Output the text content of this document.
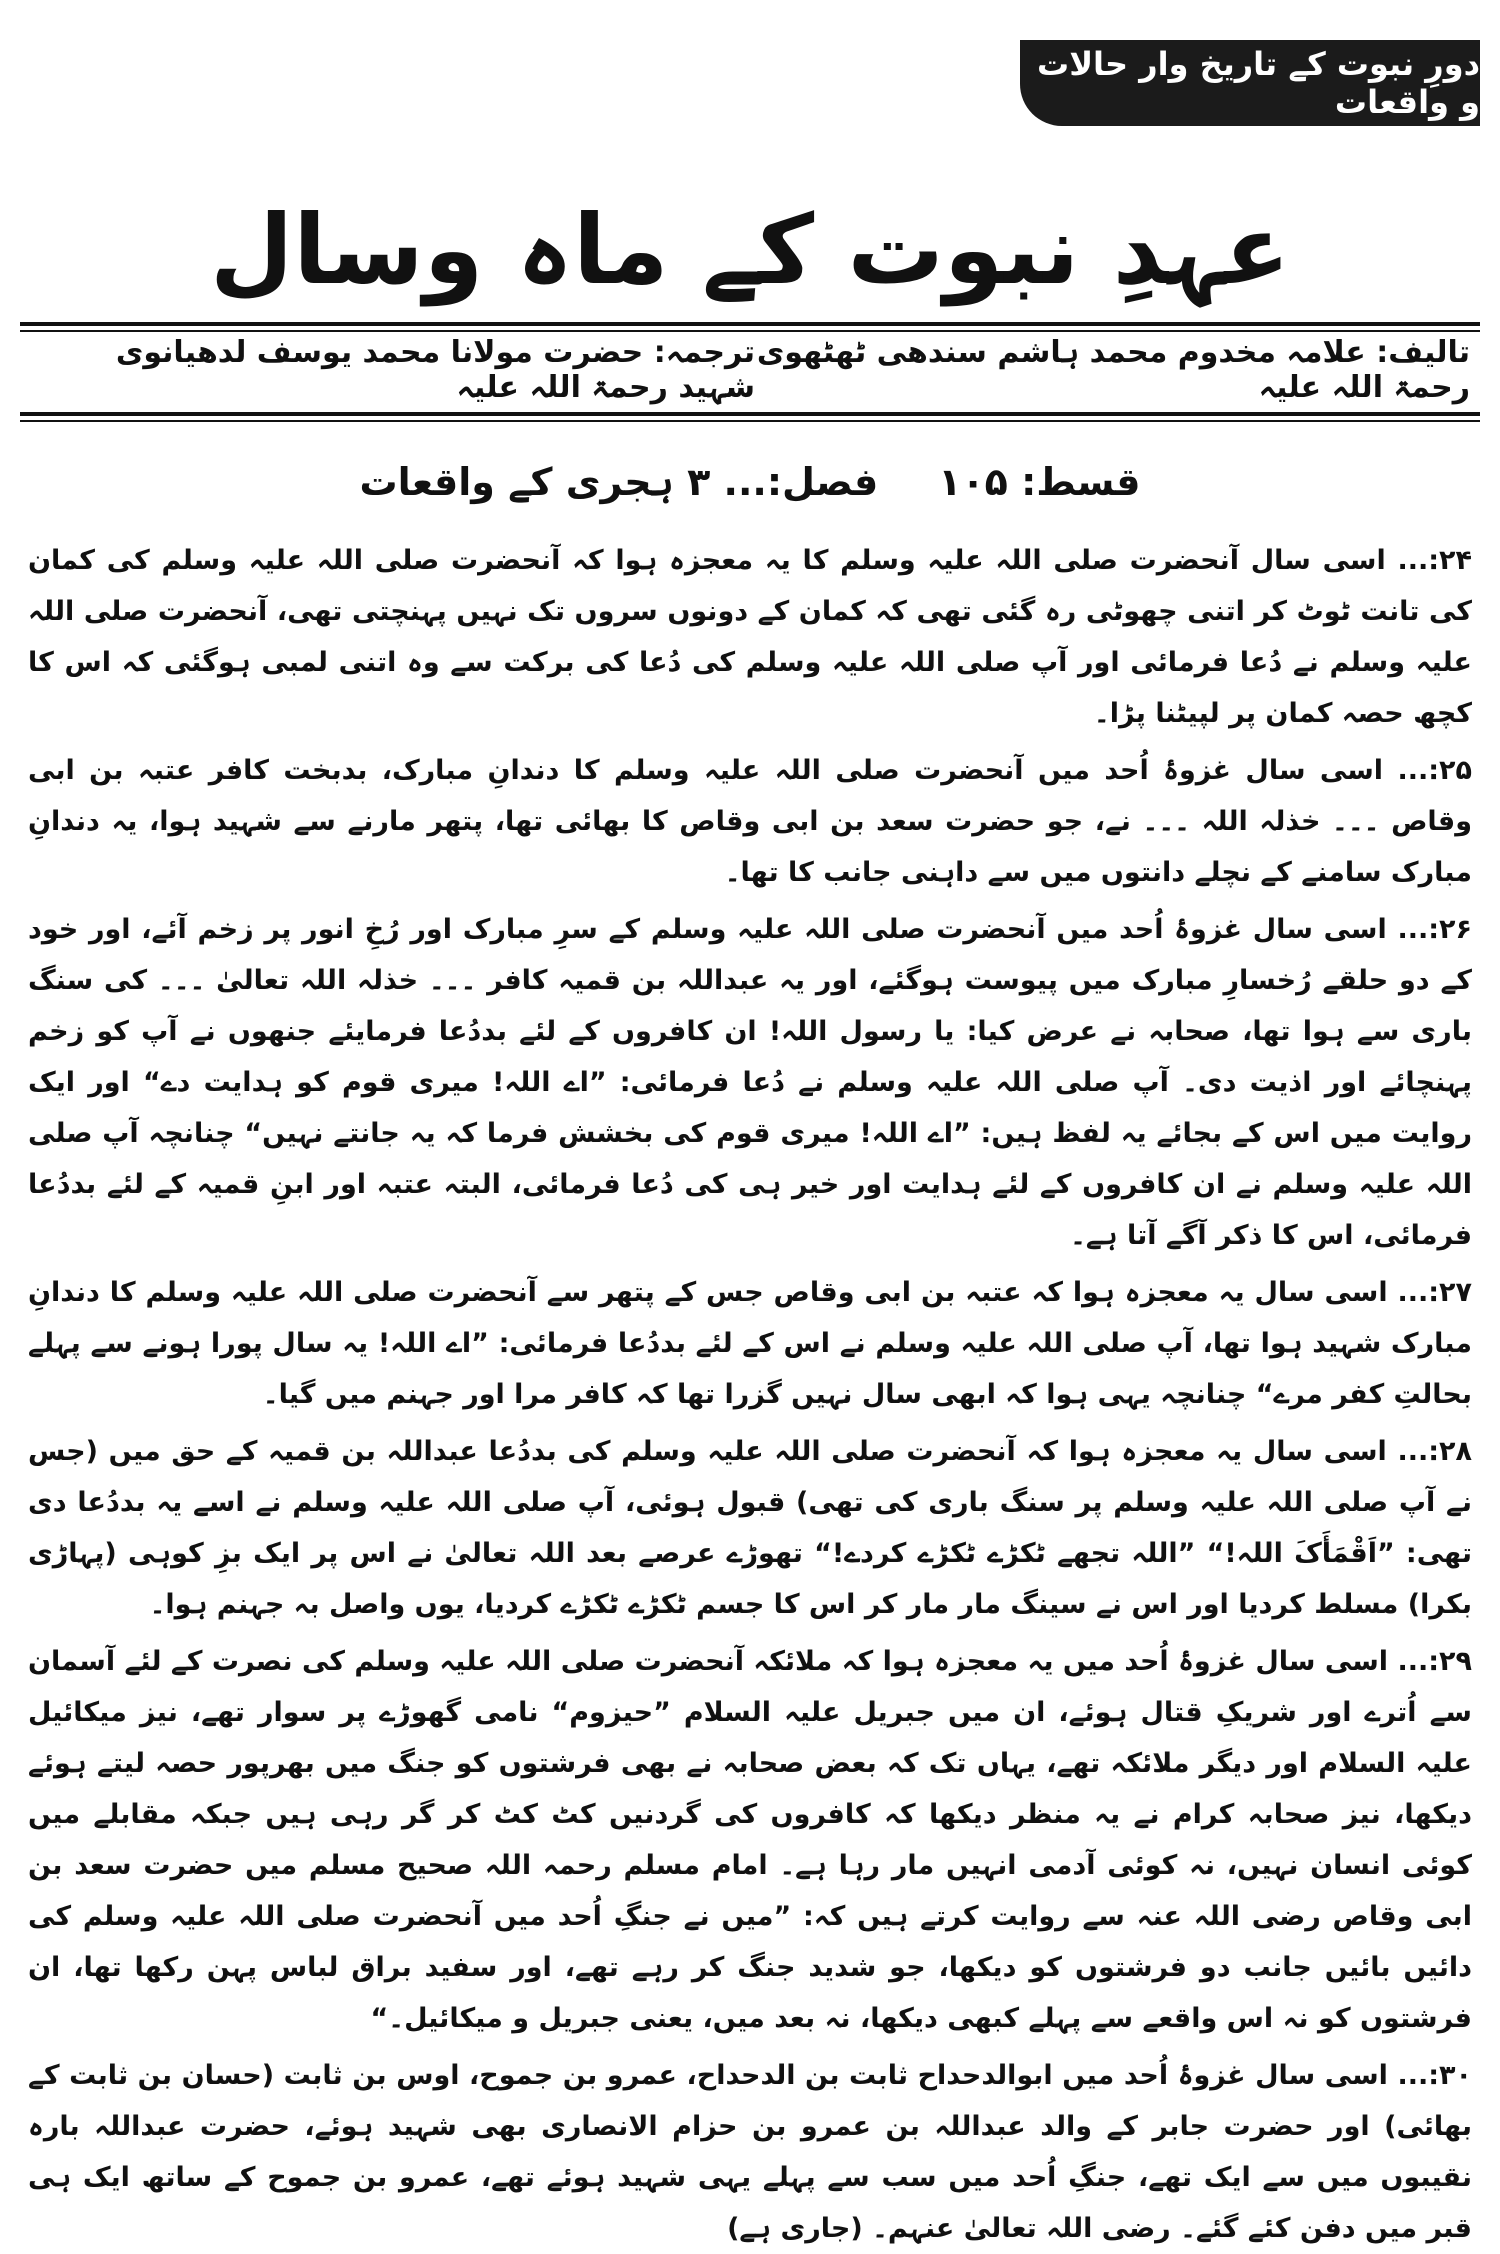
دورِ نبوت کے تاریخ وار حالات و واقعات
عہدِ نبوت کے ماہ وسال
تالیف: علامہ مخدوم محمد ہاشم سندھی ٹھٹھوی رحمۃ اللہ علیہ
ترجمہ: حضرت مولانا محمد یوسف لدھیانوی شہید رحمۃ اللہ علیہ
قسط: ۱۰۵
فصل:... ۳ ہجری کے واقعات

۲۴:... اسی سال آنحضرت صلی اللہ علیہ وسلم کا یہ معجزہ ہوا کہ آنحضرت صلی اللہ علیہ وسلم کی کمان کی تانت ٹوٹ کر اتنی چھوٹی رہ گئی تھی کہ کمان کے دونوں سروں تک نہیں پہنچتی تھی، آنحضرت صلی اللہ علیہ وسلم نے دُعا فرمائی اور آپ صلی اللہ علیہ وسلم کی دُعا کی برکت سے وہ اتنی لمبی ہوگئی کہ اس کا کچھ حصہ کمان پر لپیٹنا پڑا۔

۲۵:... اسی سال غزوۂ اُحد میں آنحضرت صلی اللہ علیہ وسلم کا دندانِ مبارک، بدبخت کافر عتبہ بن ابی وقاص ۔۔۔ خذلہ اللہ ۔۔۔ نے، جو حضرت سعد بن ابی وقاص کا بھائی تھا، پتھر مارنے سے شہید ہوا، یہ دندانِ مبارک سامنے کے نچلے دانتوں میں سے داہنی جانب کا تھا۔

۲۶:... اسی سال غزوۂ اُحد میں آنحضرت صلی اللہ علیہ وسلم کے سرِ مبارک اور رُخِ انور پر زخم آئے، اور خود کے دو حلقے رُخسارِ مبارک میں پیوست ہوگئے، اور یہ عبداللہ بن قمیہ کافر ۔۔۔ خذلہ اللہ تعالیٰ ۔۔۔ کی سنگ باری سے ہوا تھا، صحابہ نے عرض کیا: یا رسول اللہ! ان کافروں کے لئے بددُعا فرمایئے جنھوں نے آپ کو زخم پہنچائے اور اذیت دی۔ آپ صلی اللہ علیہ وسلم نے دُعا فرمائی: ”اے اللہ! میری قوم کو ہدایت دے“ اور ایک روایت میں اس کے بجائے یہ لفظ ہیں: ”اے اللہ! میری قوم کی بخشش فرما کہ یہ جانتے نہیں“ چنانچہ آپ صلی اللہ علیہ وسلم نے ان کافروں کے لئے ہدایت اور خیر ہی کی دُعا فرمائی، البتہ عتبہ اور ابنِ قمیہ کے لئے بددُعا فرمائی، اس کا ذکر آگے آتا ہے۔

۲۷:... اسی سال یہ معجزہ ہوا کہ عتبہ بن ابی وقاص جس کے پتھر سے آنحضرت صلی اللہ علیہ وسلم کا دندانِ مبارک شہید ہوا تھا، آپ صلی اللہ علیہ وسلم نے اس کے لئے بددُعا فرمائی: ”اے اللہ! یہ سال پورا ہونے سے پہلے بحالتِ کفر مرے“ چنانچہ یہی ہوا کہ ابھی سال نہیں گزرا تھا کہ کافر مرا اور جہنم میں گیا۔

۲۸:... اسی سال یہ معجزہ ہوا کہ آنحضرت صلی اللہ علیہ وسلم کی بددُعا عبداللہ بن قمیہ کے حق میں (جس نے آپ صلی اللہ علیہ وسلم پر سنگ باری کی تھی) قبول ہوئی، آپ صلی اللہ علیہ وسلم نے اسے یہ بددُعا دی تھی: ”اَقْمَأَکَ اللہ!“ ”اللہ تجھے ٹکڑے ٹکڑے کردے!“ تھوڑے عرصے بعد اللہ تعالیٰ نے اس پر ایک بزِ کوہی (پہاڑی بکرا) مسلط کردیا اور اس نے سینگ مار مار کر اس کا جسم ٹکڑے ٹکڑے کردیا، یوں واصل بہ جہنم ہوا۔

۲۹:... اسی سال غزوۂ اُحد میں یہ معجزہ ہوا کہ ملائکہ آنحضرت صلی اللہ علیہ وسلم کی نصرت کے لئے آسمان سے اُترے اور شریکِ قتال ہوئے، ان میں جبریل علیہ السلام ”حیزوم“ نامی گھوڑے پر سوار تھے، نیز میکائیل علیہ السلام اور دیگر ملائکہ تھے، یہاں تک کہ بعض صحابہ نے بھی فرشتوں کو جنگ میں بھرپور حصہ لیتے ہوئے دیکھا، نیز صحابہ کرام نے یہ منظر دیکھا کہ کافروں کی گردنیں کٹ کٹ کر گر رہی ہیں جبکہ مقابلے میں کوئی انسان نہیں، نہ کوئی آدمی انہیں مار رہا ہے۔ امام مسلم رحمہ اللہ صحیح مسلم میں حضرت سعد بن ابی وقاص رضی اللہ عنہ سے روایت کرتے ہیں کہ: ”میں نے جنگِ اُحد میں آنحضرت صلی اللہ علیہ وسلم کی دائیں بائیں جانب دو فرشتوں کو دیکھا، جو شدید جنگ کر رہے تھے، اور سفید براق لباس پہن رکھا تھا، ان فرشتوں کو نہ اس واقعے سے پہلے کبھی دیکھا، نہ بعد میں، یعنی جبریل و میکائیل۔“

۳۰:... اسی سال غزوۂ اُحد میں ابوالدحداح ثابت بن الدحداح، عمرو بن جموح، اوس بن ثابت (حسان بن ثابت کے بھائی) اور حضرت جابر کے والد عبداللہ بن عمرو بن حزام الانصاری بھی شہید ہوئے، حضرت عبداللہ بارہ نقیبوں میں سے ایک تھے، جنگِ اُحد میں سب سے پہلے یہی شہید ہوئے تھے، عمرو بن جموح کے ساتھ ایک ہی قبر میں دفن کئے گئے۔ رضی اللہ تعالیٰ عنہم۔ (جاری ہے)
